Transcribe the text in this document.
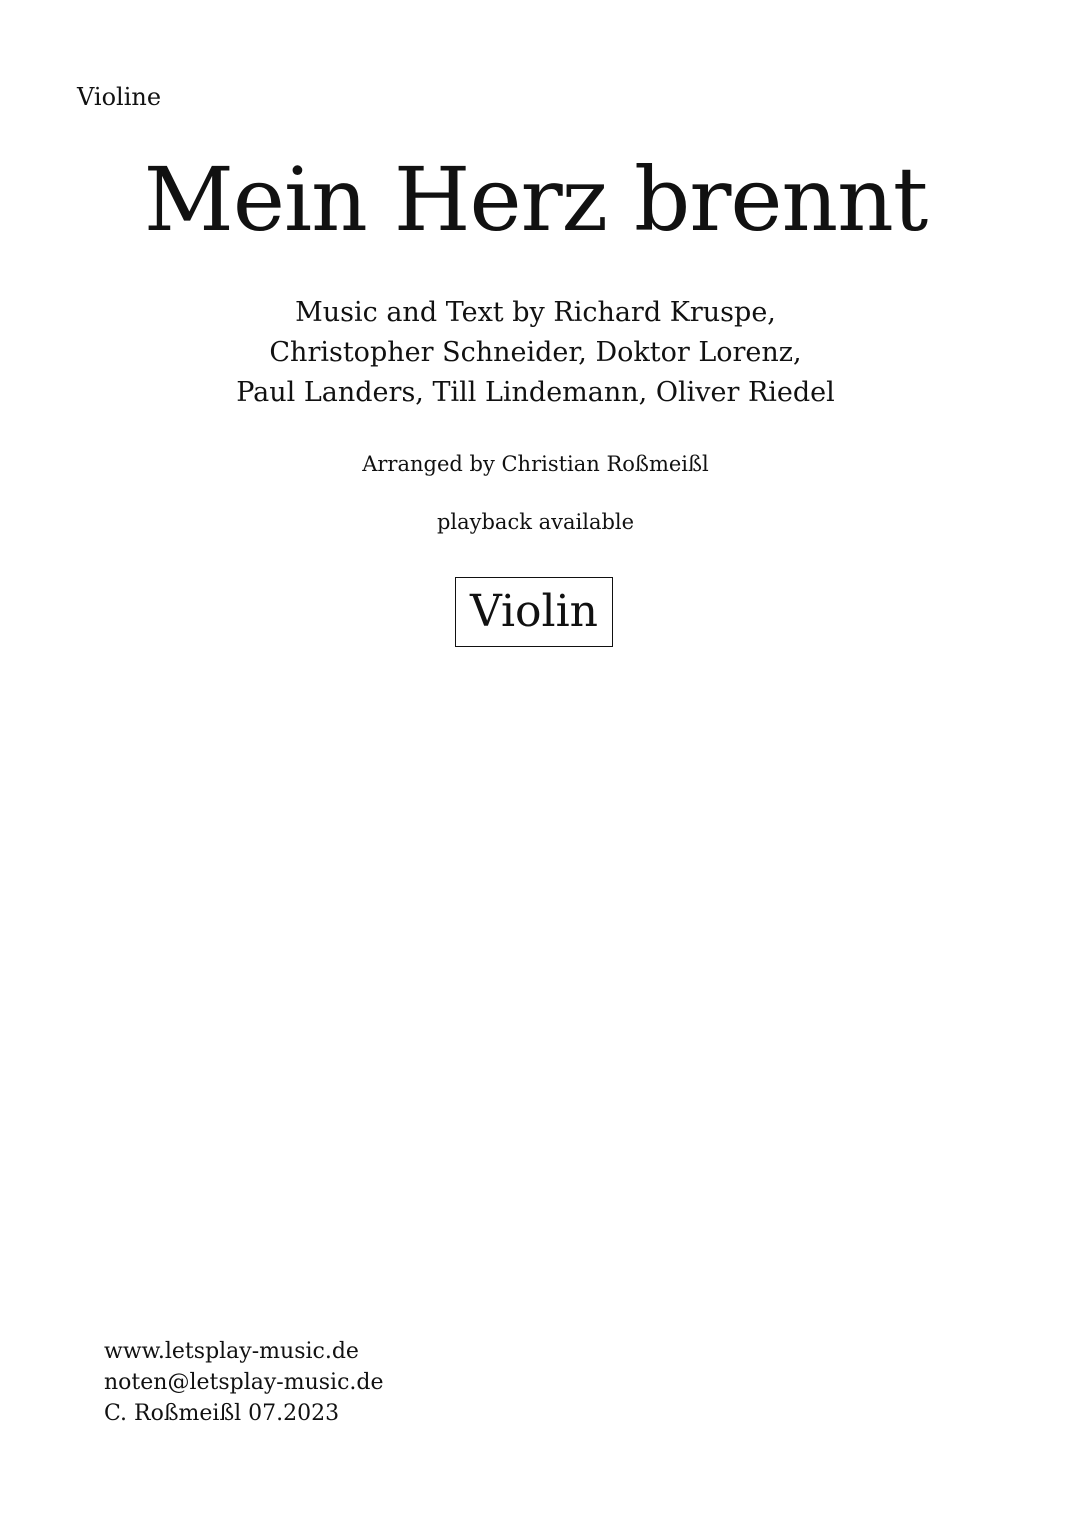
Violine
Mein Herz brennt
Music and Text by Richard Kruspe,
Christopher Schneider, Doktor Lorenz,
Paul Landers, Till Lindemann, Oliver Riedel
Arranged by Christian Roßmeißl
playback available
Violin
www.letsplay-music.de
noten@letsplay-music.de
C. Roßmeißl 07.2023
